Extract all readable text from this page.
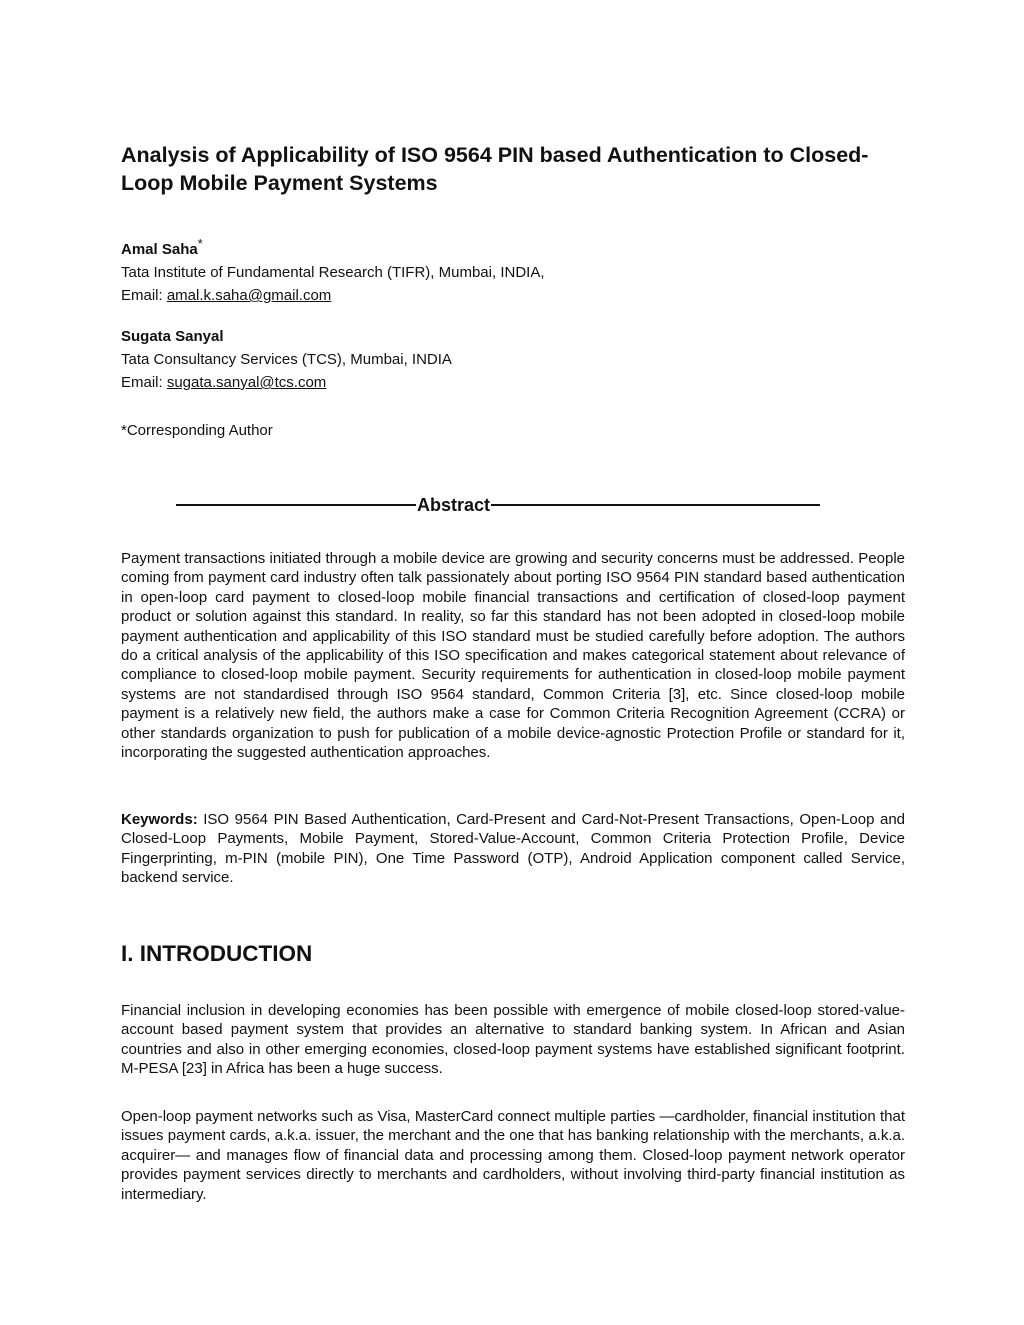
Analysis of Applicability of ISO 9564 PIN based Authentication to Closed-Loop Mobile Payment Systems

Amal Saha*

Tata Institute of Fundamental Research (TIFR), Mumbai, INDIA,

Email: amal.k.saha@gmail.com

Sugata Sanyal

Tata Consultancy Services (TCS), Mumbai, INDIA

Email: sugata.sanyal@tcs.com

*Corresponding Author

Abstract

Payment transactions initiated through a mobile device are growing and security concerns must be addressed. People coming from payment card industry often talk passionately about porting ISO 9564 PIN standard based authentication in open-loop card payment to closed-loop mobile financial transactions and certification of closed-loop payment product or solution against this standard. In reality, so far this standard has not been adopted in closed-loop mobile payment authentication and applicability of this ISO standard must be studied carefully before adoption. The authors do a critical analysis of the applicability of this ISO specification and makes categorical statement about relevance of compliance to closed-loop mobile payment. Security requirements for authentication in closed-loop mobile payment systems are not standardised through ISO 9564 standard, Common Criteria [3], etc. Since closed-loop mobile payment is a relatively new field, the authors make a case for Common Criteria Recognition Agreement (CCRA) or other standards organization to push for publication of a mobile device-agnostic Protection Profile or standard for it, incorporating the suggested authentication approaches.

Keywords: ISO 9564 PIN Based Authentication, Card-Present and Card-Not-Present Transactions, Open-Loop and Closed-Loop Payments, Mobile Payment, Stored-Value-Account, Common Criteria Protection Profile, Device Fingerprinting, m-PIN (mobile PIN), One Time Password (OTP), Android Application component called Service, backend service.

I. INTRODUCTION

Financial inclusion in developing economies has been possible with emergence of mobile closed-loop stored-value-account based payment system that provides an alternative to standard banking system. In African and Asian countries and also in other emerging economies, closed-loop payment systems have established significant footprint. M-PESA [23] in Africa has been a huge success.

Open-loop payment networks such as Visa, MasterCard connect multiple parties —cardholder, financial institution that issues payment cards, a.k.a. issuer, the merchant and the one that has banking relationship with the merchants, a.k.a. acquirer— and manages flow of financial data and processing among them. Closed-loop payment network operator provides payment services directly to merchants and cardholders, without involving third-party financial institution as intermediary.
